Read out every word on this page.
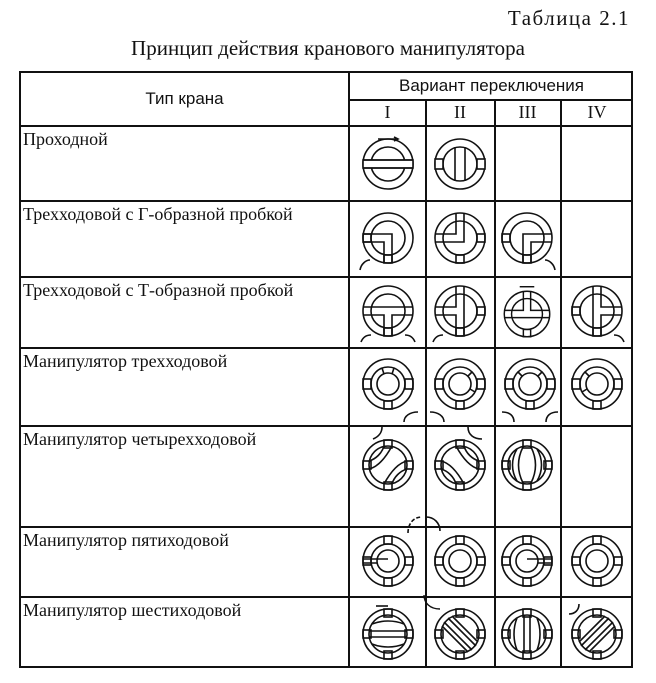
Таблица 2.1
Принцип действия кранового манипулятора
Тип крана
Вариант переключения
I	II	III	IV
Проходной
Трехходовой с Г-образной пробкой
Трехходовой с Т-образной пробкой
Манипулятор трехходовой
Манипулятор четырехходовой
Манипулятор пятиходовой
Манипулятор шестиходовой
